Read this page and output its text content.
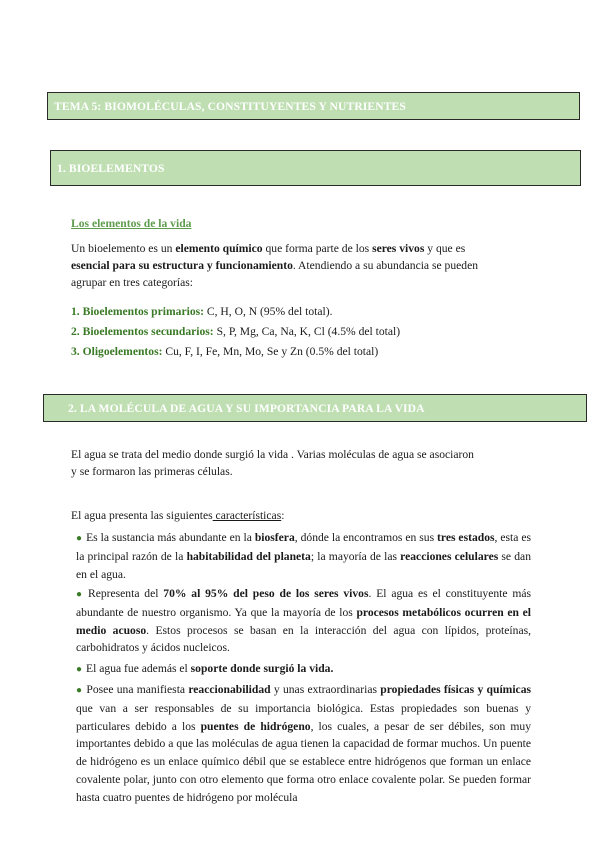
TEMA 5: BIOMOLÉCULAS, CONSTITUYENTES Y NUTRIENTES
1. BIOELEMENTOS
Los elementos de la vida
Un bioelemento es un elemento químico que forma parte de los seres vivos y que es
esencial para su estructura y funcionamiento. Atendiendo a su abundancia se pueden
agrupar en tres categorías:
1. Bioelementos primarios: C, H, O, N (95% del total).
2. Bioelementos secundarios: S, P, Mg, Ca, Na, K, Cl (4.5% del total)
3. Oligoelementos: Cu, F, I, Fe, Mn, Mo, Se y Zn (0.5% del total)
2. LA MOLÉCULA DE AGUA Y SU IMPORTANCIA PARA LA VIDA
El agua se trata del medio donde surgió la vida . Varias moléculas de agua se asociaron
y se formaron las primeras células.
El agua presenta las siguientes características:
● Es la sustancia más abundante en la biosfera, dónde la encontramos en sus tres estados, esta es la principal razón de la habitabilidad del planeta; la mayoría de las reacciones celulares se dan en el agua.
● Representa del 70% al 95% del peso de los seres vivos. El agua es el constituyente más abundante de nuestro organismo. Ya que la mayoría de los procesos metabólicos ocurren en el medio acuoso. Estos procesos se basan en la interacción del agua con lípidos, proteínas, carbohidratos y ácidos nucleicos.
● El agua fue además el soporte donde surgió la vida.
● Posee una manifiesta reaccionabilidad y unas extraordinarias propiedades físicas y químicas que van a ser responsables de su importancia biológica. Estas propiedades son buenas y particulares debido a los puentes de hidrógeno, los cuales, a pesar de ser débiles, son muy importantes debido a que las moléculas de agua tienen la capacidad de formar muchos. Un puente de hidrógeno es un enlace químico débil que se establece entre hidrógenos que forman un enlace covalente polar, junto con otro elemento que forma otro enlace covalente polar. Se pueden formar hasta cuatro puentes de hidrógeno por molécula
